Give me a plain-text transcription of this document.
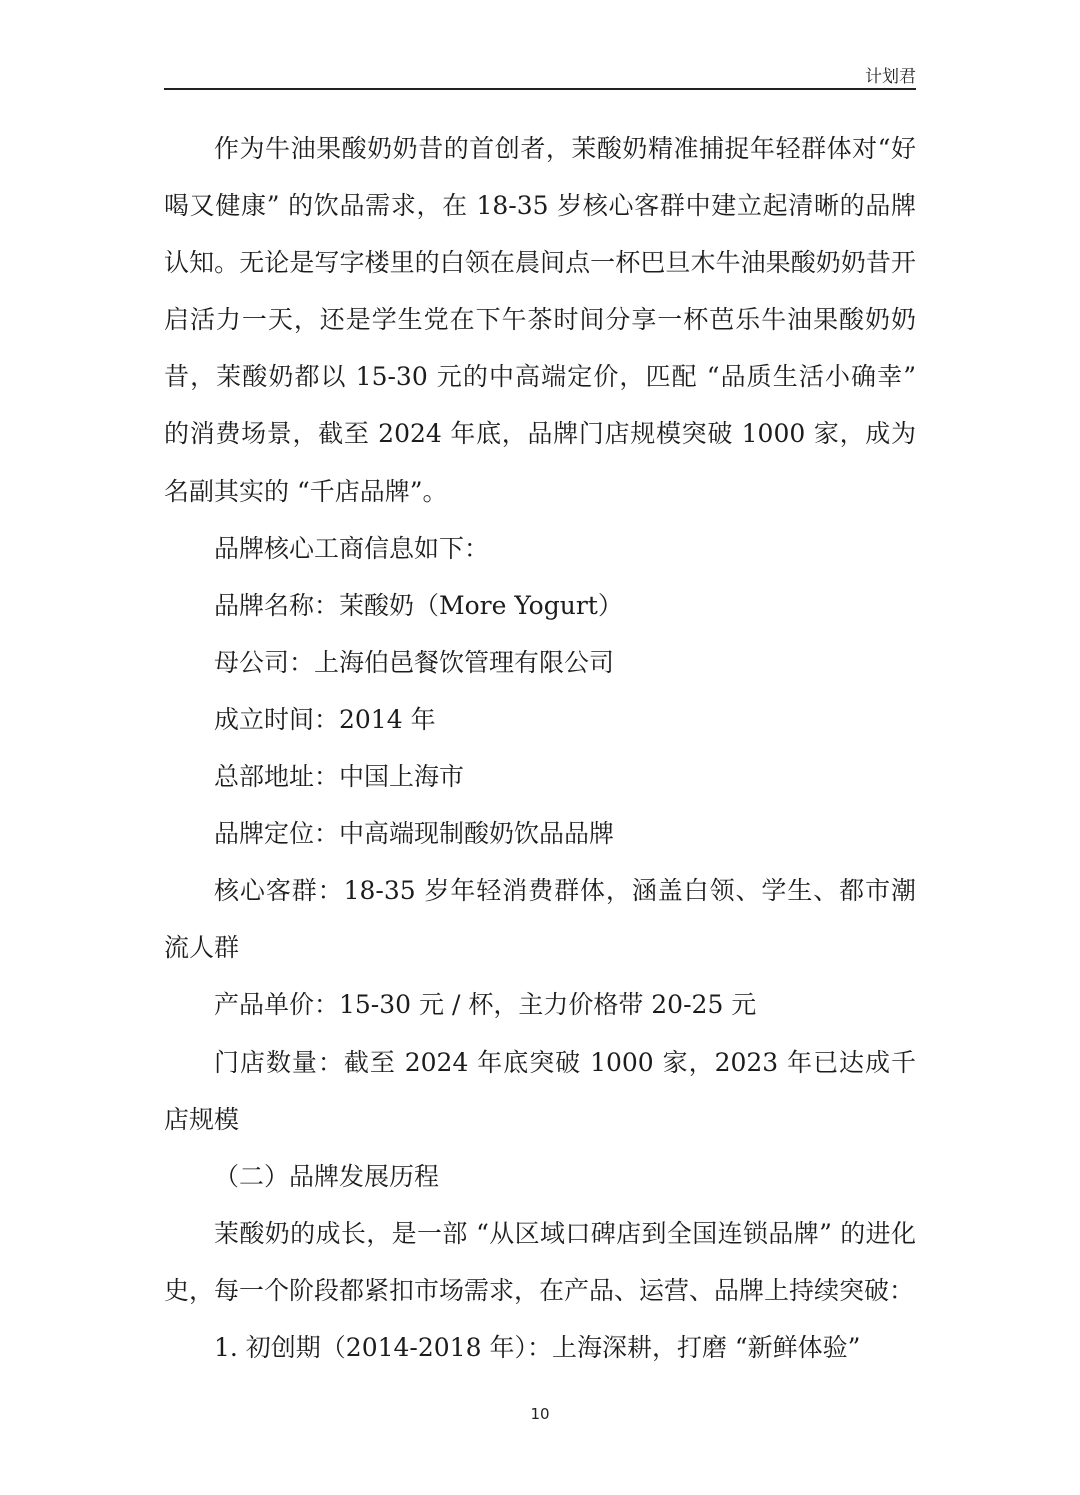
计划君

作为牛油果酸奶奶昔的首创者，茉酸奶精准捕捉年轻群体对“好喝又健康” 的饮品需求，在 18-35 岁核心客群中建立起清晰的品牌认知。无论是写字楼里的白领在晨间点一杯巴旦木牛油果酸奶奶昔开启活力一天，还是学生党在下午茶时间分享一杯芭乐牛油果酸奶奶昔，茉酸奶都以 15-30 元的中高端定价，匹配 “品质生活小确幸” 的消费场景，截至 2024 年底，品牌门店规模突破 1000 家，成为名副其实的 “千店品牌”。

品牌核心工商信息如下：

品牌名称：茉酸奶（More Yogurt）

母公司：上海伯邑餐饮管理有限公司

成立时间：2014 年

总部地址：中国上海市

品牌定位：中高端现制酸奶饮品品牌

核心客群：18-35 岁年轻消费群体，涵盖白领、学生、都市潮流人群

产品单价：15-30 元 / 杯，主力价格带 20-25 元

门店数量：截至 2024 年底突破 1000 家，2023 年已达成千店规模

（二）品牌发展历程

茉酸奶的成长，是一部 “从区域口碑店到全国连锁品牌” 的进化史，每一个阶段都紧扣市场需求，在产品、运营、品牌上持续突破：

1. 初创期（2014-2018 年）：上海深耕，打磨 “新鲜体验”

10
